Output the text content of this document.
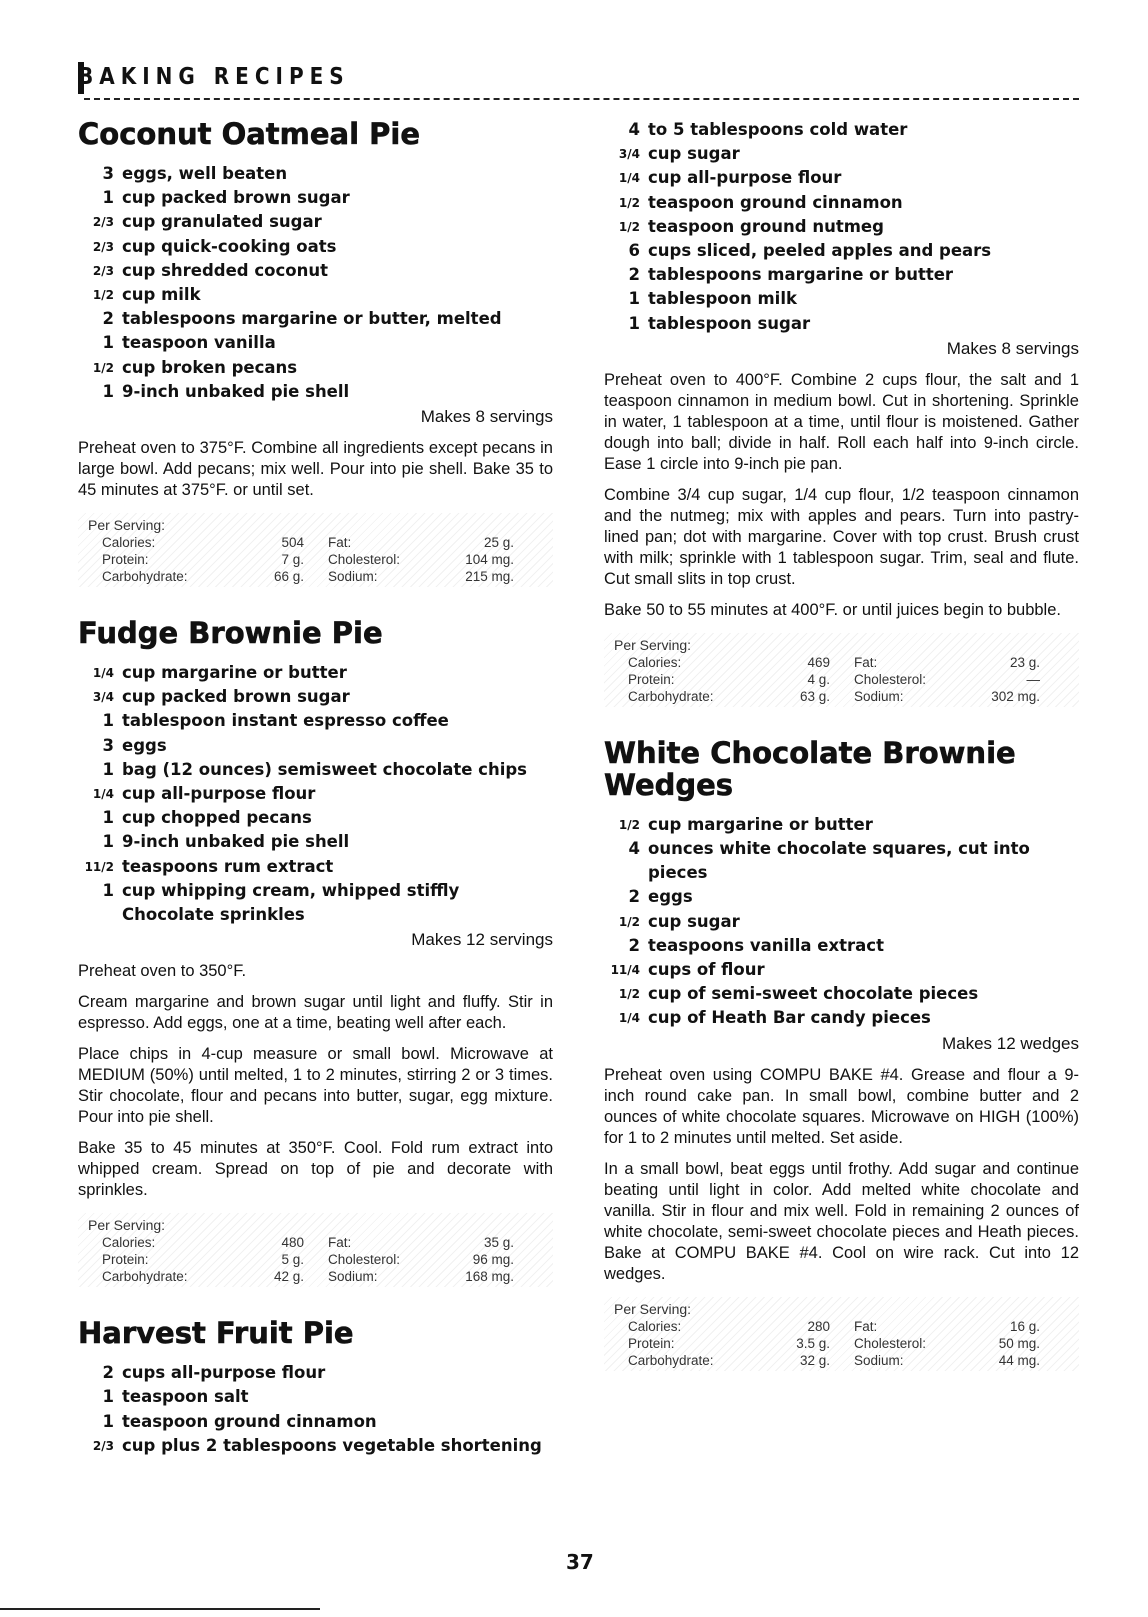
BAKING RECIPES
Coconut Oatmeal Pie
3 eggs, well beaten
1 cup packed brown sugar
2/3 cup granulated sugar
2/3 cup quick-cooking oats
2/3 cup shredded coconut
1/2 cup milk
2 tablespoons margarine or butter, melted
1 teaspoon vanilla
1/2 cup broken pecans
1 9-inch unbaked pie shell
Makes 8 servings

Preheat oven to 375°F. Combine all ingredients except pecans in large bowl. Add pecans; mix well. Pour into pie shell. Bake 35 to 45 minutes at 375°F. or until set.

Per Serving:
Calories:	504	Fat:	25 g.
Protein:	7 g.	Cholesterol:	104 mg.
Carbohydrate:	66 g.	Sodium:	215 mg.
Fudge Brownie Pie
1/4 cup margarine or butter
3/4 cup packed brown sugar
1 tablespoon instant espresso coffee
3 eggs
1 bag (12 ounces) semisweet chocolate chips
1/4 cup all-purpose flour
1 cup chopped pecans
1 9-inch unbaked pie shell
11/2 teaspoons rum extract
1 cup whipping cream, whipped stiffly
Chocolate sprinkles
Makes 12 servings

Preheat oven to 350°F.

Cream margarine and brown sugar until light and fluffy. Stir in espresso. Add eggs, one at a time, beating well after each.

Place chips in 4-cup measure or small bowl. Microwave at MEDIUM (50%) until melted, 1 to 2 minutes, stirring 2 or 3 times. Stir chocolate, flour and pecans into butter, sugar, egg mixture. Pour into pie shell.

Bake 35 to 45 minutes at 350°F. Cool. Fold rum extract into whipped cream. Spread on top of pie and decorate with sprinkles.

Per Serving:
Calories:	480	Fat:	35 g.
Protein:	5 g.	Cholesterol:	96 mg.
Carbohydrate:	42 g.	Sodium:	168 mg.
Harvest Fruit Pie
2 cups all-purpose flour
1 teaspoon salt
1 teaspoon ground cinnamon
2/3 cup plus 2 tablespoons vegetable shortening
4 to 5 tablespoons cold water
3/4 cup sugar
1/4 cup all-purpose flour
1/2 teaspoon ground cinnamon
1/2 teaspoon ground nutmeg
6 cups sliced, peeled apples and pears
2 tablespoons margarine or butter
1 tablespoon milk
1 tablespoon sugar
Makes 8 servings

Preheat oven to 400°F. Combine 2 cups flour, the salt and 1 teaspoon cinnamon in medium bowl. Cut in shortening. Sprinkle in water, 1 tablespoon at a time, until flour is moistened. Gather dough into ball; divide in half. Roll each half into 9-inch circle. Ease 1 circle into 9-inch pie pan.

Combine 3/4 cup sugar, 1/4 cup flour, 1/2 teaspoon cinnamon and the nutmeg; mix with apples and pears. Turn into pastry-lined pan; dot with margarine. Cover with top crust. Brush crust with milk; sprinkle with 1 tablespoon sugar. Trim, seal and flute. Cut small slits in top crust.

Bake 50 to 55 minutes at 400°F. or until juices begin to bubble.

Per Serving:
Calories:	469	Fat:	23 g.
Protein:	4 g.	Cholesterol:	—
Carbohydrate:	63 g.	Sodium:	302 mg.
White Chocolate Brownie Wedges
1/2 cup margarine or butter
4 ounces white chocolate squares, cut into pieces
2 eggs
1/2 cup sugar
2 teaspoons vanilla extract
11/4 cups of flour
1/2 cup of semi-sweet chocolate pieces
1/4 cup of Heath Bar candy pieces
Makes 12 wedges

Preheat oven using COMPU BAKE #4. Grease and flour a 9-inch round cake pan. In small bowl, combine butter and 2 ounces of white chocolate squares. Microwave on HIGH (100%) for 1 to 2 minutes until melted. Set aside.

In a small bowl, beat eggs until frothy. Add sugar and continue beating until light in color. Add melted white chocolate and vanilla. Stir in flour and mix well. Fold in remaining 2 ounces of white chocolate, semi-sweet chocolate pieces and Heath pieces. Bake at COMPU BAKE #4. Cool on wire rack. Cut into 12 wedges.

Per Serving:
Calories:	280	Fat:	16 g.
Protein:	3.5 g.	Cholesterol:	50 mg.
Carbohydrate:	32 g.	Sodium:	44 mg.
37
